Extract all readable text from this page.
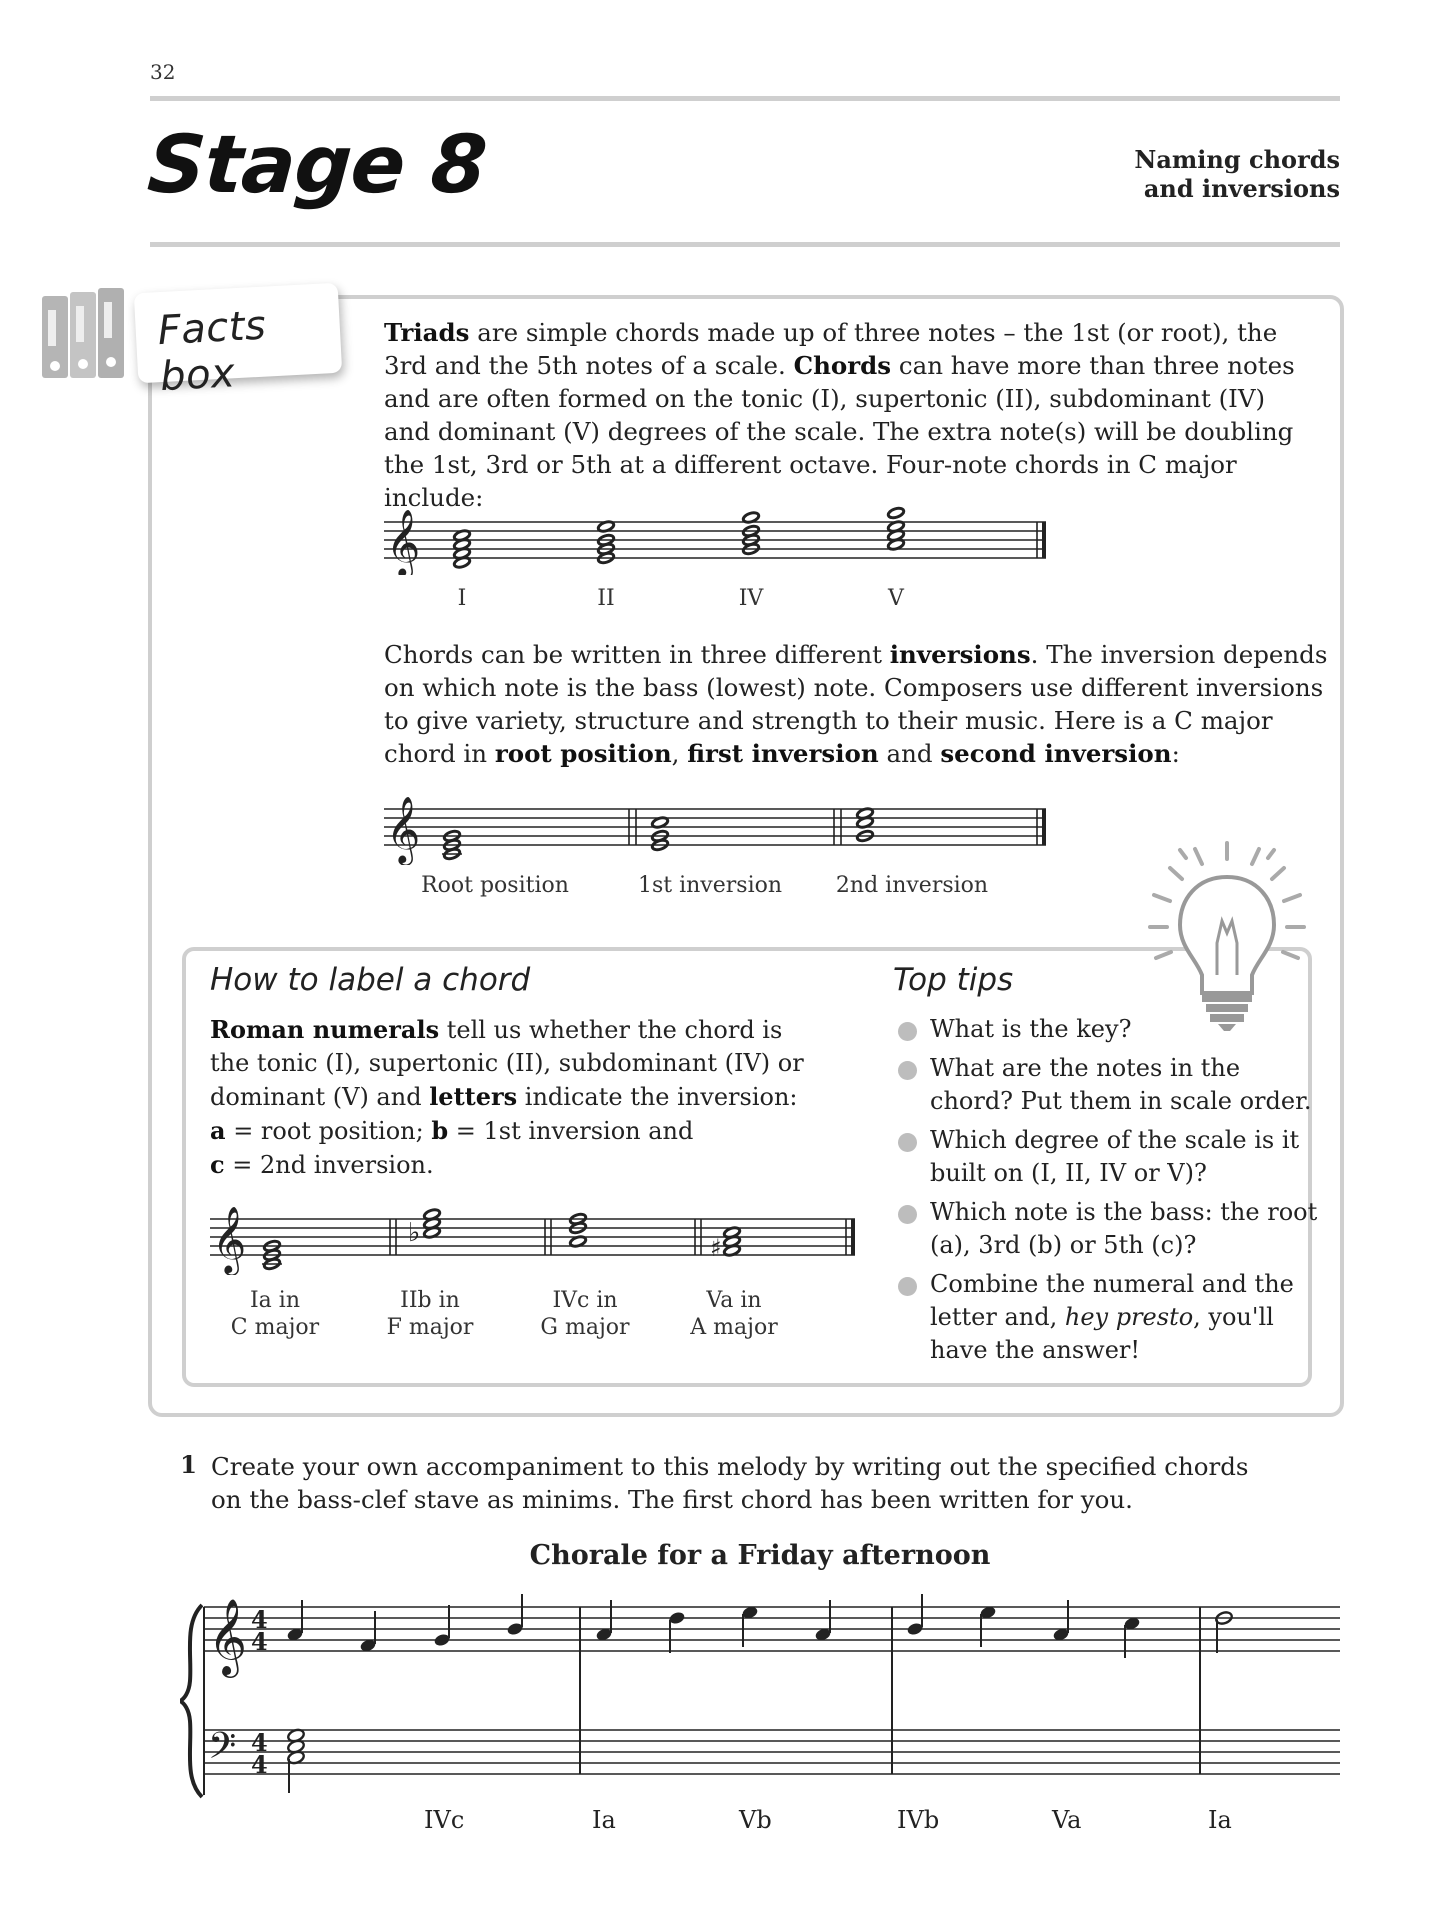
32
Stage 8	Naming chords
and inversions
Facts box
Triads are simple chords made up of three notes – the 1st (or root), the 3rd and the 5th notes of a scale. Chords can have more than three notes and are often formed on the tonic (I), supertonic (II), subdominant (IV) and dominant (V) degrees of the scale. The extra note(s) will be doubling the 1st, 3rd or 5th at a different octave. Four-note chords in C major include:
𝄞
I	II	IV	V
Chords can be written in three different inversions. The inversion depends on which note is the bass (lowest) note. Composers use different inversions to give variety, structure and strength to their music. Here is a C major chord in root position, first inversion and second inversion:
𝄞
Root position	1st inversion	2nd inversion
How to label a chord
Roman numerals tell us whether the chord is the tonic (I), supertonic (II), subdominant (IV) or dominant (V) and letters indicate the inversion:
a = root position; b = 1st inversion and
c = 2nd inversion.
𝄞	♭	♯
Ia in
C major
IIb in
F major
IVc in
G major
Va in
A major
Top tips
What is the key?
What are the notes in the chord? Put them in scale order.
Which degree of the scale is it built on (I, II, IV or V)?
Which note is the bass: the root (a), 3rd (b) or 5th (c)?
Combine the numeral and the letter and, hey presto, you'll have the answer!
1 Create your own accompaniment to this melody by writing out the specified chords on the bass-clef stave as minims. The first chord has been written for you.
Chorale for a Friday afternoon
𝄞
𝄢
4
4
4
4
IVc	Ia	Vb	IVb	Va	Ia
